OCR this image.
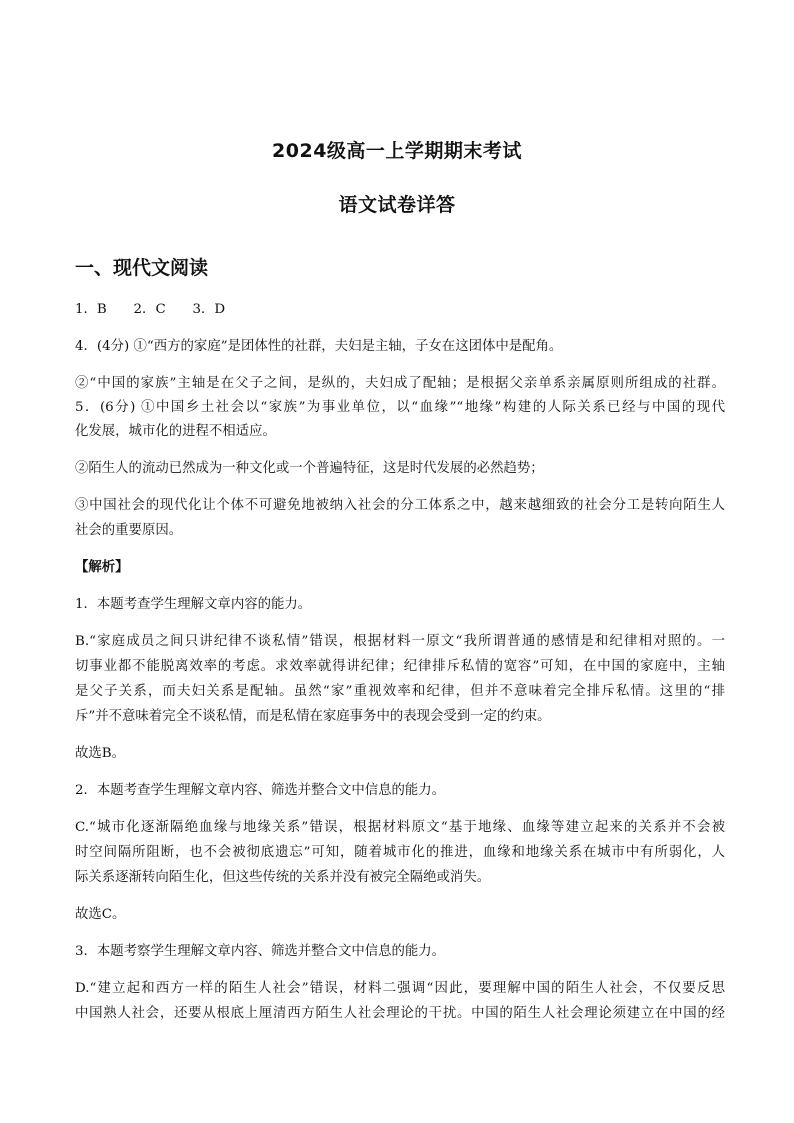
2024级高一上学期期末考试
语文试卷详答
一、现代文阅读
1．B　　2．C　　3．D
4．(4分) ①“西方的家庭”是团体性的社群，夫妇是主轴，子女在这团体中是配角。
②“中国的家族”主轴是在父子之间，是纵的，夫妇成了配轴；是根据父亲单系亲属原则所组成的社群。
5．(6分) ①中国乡土社会以“家族”为事业单位，以“血缘”“地缘”构建的人际关系已经与中国的现代
化发展，城市化的进程不相适应。
②陌生人的流动已然成为一种文化或一个普遍特征，这是时代发展的必然趋势；
③中国社会的现代化让个体不可避免地被纳入社会的分工体系之中，越来越细致的社会分工是转向陌生人
社会的重要原因。
【解析】
1．本题考查学生理解文章内容的能力。
B.“家庭成员之间只讲纪律不谈私情”错误，根据材料一原文“我所谓普通的感情是和纪律相对照的。一
切事业都不能脱离效率的考虑。求效率就得讲纪律；纪律排斥私情的宽容”可知，在中国的家庭中，主轴
是父子关系，而夫妇关系是配轴。虽然“家”重视效率和纪律，但并不意味着完全排斥私情。这里的“排
斥”并不意味着完全不谈私情，而是私情在家庭事务中的表现会受到一定的约束。
故选B。
2．本题考查学生理解文章内容、筛选并整合文中信息的能力。
C.“城市化逐渐隔绝血缘与地缘关系”错误，根据材料原文“基于地缘、血缘等建立起来的关系并不会被
时空间隔所阻断，也不会被彻底遗忘”可知，随着城市化的推进，血缘和地缘关系在城市中有所弱化，人
际关系逐渐转向陌生化，但这些传统的关系并没有被完全隔绝或消失。
故选C。
3．本题考察学生理解文章内容、筛选并整合文中信息的能力。
D.“建立起和西方一样的陌生人社会”错误，材料二强调“因此，要理解中国的陌生人社会，不仅要反思
中国熟人社会，还要从根底上厘清西方陌生人社会理论的干扰。中国的陌生人社会理论须建立在中国的经
